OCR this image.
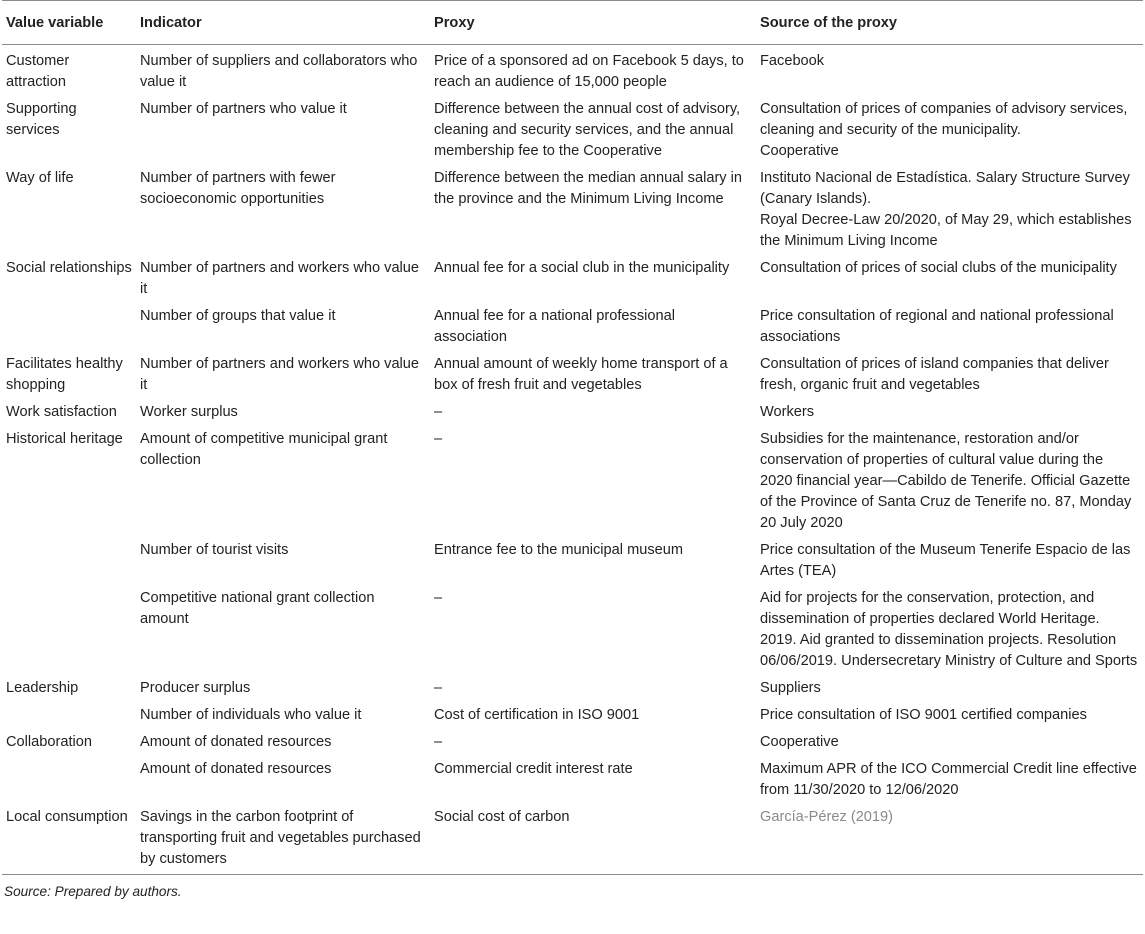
Value variable	Indicator	Proxy	Source of the proxy
Customer attraction	Number of suppliers and collaborators who value it	Price of a sponsored ad on Facebook 5 days, to reach an audience of 15,000 people	Facebook

Supporting services	Number of partners who value it	Difference between the annual cost of advisory, cleaning and security services, and the annual membership fee to the Cooperative	Consultation of prices of companies of advisory services, cleaning and security of the municipality.
Cooperative

Way of life	Number of partners with fewer socioeconomic opportunities	Difference between the median annual salary in the province and the Minimum Living Income	Instituto Nacional de Estadística. Salary Structure Survey (Canary Islands).
Royal Decree-Law 20/2020, of May 29, which establishes the Minimum Living Income

Social relationships	Number of partners and workers who value it	Annual fee for a social club in the municipality	Consultation of prices of social clubs of the municipality

	Number of groups that value it	Annual fee for a national professional association	Price consultation of regional and national professional associations

Facilitates healthy shopping	Number of partners and workers who value it	Annual amount of weekly home transport of a box of fresh fruit and vegetables	Consultation of prices of island companies that deliver fresh, organic fruit and vegetables

Work satisfaction	Worker surplus	–	Workers

Historical heritage	Amount of competitive municipal grant collection	–	Subsidies for the maintenance, restoration and/or conservation of properties of cultural value during the 2020 financial year—Cabildo de Tenerife. Official Gazette of the Province of Santa Cruz de Tenerife no. 87, Monday 20 July 2020

	Number of tourist visits	Entrance fee to the municipal museum	Price consultation of the Museum Tenerife Espacio de las Artes (TEA)

	Competitive national grant collection amount	–	Aid for projects for the conservation, protection, and dissemination of properties declared World Heritage. 2019. Aid granted to dissemination projects. Resolution 06/06/2019. Undersecretary Ministry of Culture and Sports

Leadership	Producer surplus	–	Suppliers

	Number of individuals who value it	Cost of certification in ISO 9001	Price consultation of ISO 9001 certified companies

Collaboration	Amount of donated resources	–	Cooperative

	Amount of donated resources	Commercial credit interest rate	Maximum APR of the ICO Commercial Credit line effective from 11/30/2020 to 12/06/2020

Local consumption	Savings in the carbon footprint of transporting fruit and vegetables purchased by customers	Social cost of carbon	García-Pérez (2019)
Source: Prepared by authors.
